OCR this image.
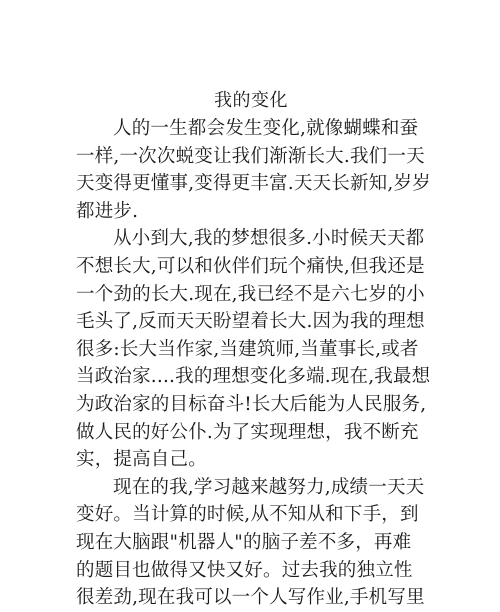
我的变化
人的一生都会发生变化,就像蝴蝶和蚕
一样,一次次蜕变让我们渐渐长大.我们一天
天变得更懂事,变得更丰富.天天长新知,岁岁
都进步.
从小到大,我的梦想很多.小时候天天都
不想长大,可以和伙伴们玩个痛快,但我还是
一个劲的长大.现在,我已经不是六七岁的小
毛头了,反而天天盼望着长大.因为我的理想
很多:长大当作家,当建筑师,当董事长,或者
当政治家....我的理想变化多端.现在,我最想
为政治家的目标奋斗!长大后能为人民服务,
做人民的好公仆.为了实现理想，我不断充
实，提高自己。
现在的我,学习越来越努力,成绩一天天
变好。当计算的时候,从不知从和下手，到
现在大脑跟"机器人"的脑子差不多，再难
的题目也做得又快又好。过去我的独立性
很差劲,现在我可以一个人写作业,手机写里
